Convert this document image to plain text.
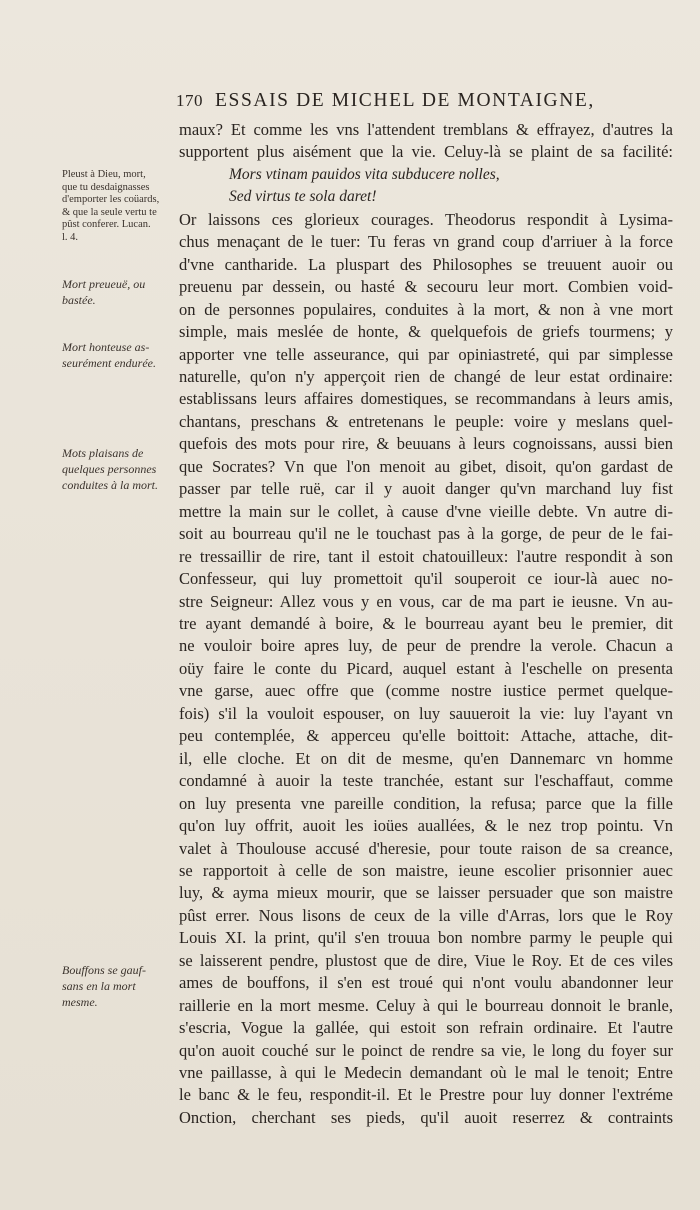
170 ESSAIS DE MICHEL DE MONTAIGNE,
Pleust à Dieu, mort,
que tu desdaignasses
d'emporter les coüards,
& que la seule vertu te
pûst conferer. Lucan.
l. 4.
Mort preueuë, ou
bastée.
Mort honteuse as-
seurément endurée.
Mots plaisans de
quelques personnes
conduites à la mort.
Bouffons se gauf-
sans en la mort
mesme.
maux? Et comme les vns l'attendent tremblans & effrayez, d'autres la
supportent plus aisément que la vie. Celuy-là se plaint de sa facilité:
Mors vtinam pauidos vita subducere nolles,
Sed virtus te sola daret!
Or laissons ces glorieux courages. Theodorus respondit à Lysima-
chus menaçant de le tuer: Tu feras vn grand coup d'arriuer à la force
d'vne cantharide. La pluspart des Philosophes se treuuent auoir ou
preuenu par dessein, ou hasté & secouru leur mort. Combien void-
on de personnes populaires, conduites à la mort, & non à vne mort
simple, mais meslée de honte, & quelquefois de griefs tourmens; y
apporter vne telle asseurance, qui par opiniastreté, qui par simplesse
naturelle, qu'on n'y apperçoit rien de changé de leur estat ordinaire:
establissans leurs affaires domestiques, se recommandans à leurs amis,
chantans, preschans & entretenans le peuple: voire y meslans quel-
quefois des mots pour rire, & beuuans à leurs cognoissans, aussi bien
que Socrates? Vn que l'on menoit au gibet, disoit, qu'on gardast de
passer par telle ruë, car il y auoit danger qu'vn marchand luy fist
mettre la main sur le collet, à cause d'vne vieille debte. Vn autre di-
soit au bourreau qu'il ne le touchast pas à la gorge, de peur de le fai-
re tressaillir de rire, tant il estoit chatouilleux: l'autre respondit à son
Confesseur, qui luy promettoit qu'il souperoit ce iour-là auec no-
stre Seigneur: Allez vous y en vous, car de ma part ie ieusne. Vn au-
tre ayant demandé à boire, & le bourreau ayant beu le premier, dit
ne vouloir boire apres luy, de peur de prendre la verole. Chacun a
oüy faire le conte du Picard, auquel estant à l'eschelle on presenta
vne garse, auec offre que (comme nostre iustice permet quelque-
fois) s'il la vouloit espouser, on luy sauueroit la vie: luy l'ayant vn
peu contemplée, & apperceu qu'elle boittoit: Attache, attache, dit-
il, elle cloche. Et on dit de mesme, qu'en Dannemarc vn homme
condamné à auoir la teste tranchée, estant sur l'eschaffaut, comme
on luy presenta vne pareille condition, la refusa; parce que la fille
qu'on luy offrit, auoit les ioües auallées, & le nez trop pointu. Vn
valet à Thoulouse accusé d'heresie, pour toute raison de sa creance,
se rapportoit à celle de son maistre, ieune escolier prisonnier auec
luy, & ayma mieux mourir, que se laisser persuader que son maistre
pûst errer. Nous lisons de ceux de la ville d'Arras, lors que le Roy
Louis XI. la print, qu'il s'en trouua bon nombre parmy le peuple qui
se laisserent pendre, plustost que de dire, Viue le Roy. Et de ces viles
ames de bouffons, il s'en est troué qui n'ont voulu abandonner leur
raillerie en la mort mesme. Celuy à qui le bourreau donnoit le branle,
s'escria, Vogue la gallée, qui estoit son refrain ordinaire. Et l'autre
qu'on auoit couché sur le poinct de rendre sa vie, le long du foyer sur
vne paillasse, à qui le Medecin demandant où le mal le tenoit; Entre
le banc & le feu, respondit-il. Et le Prestre pour luy donner l'extréme
Onction, cherchant ses pieds, qu'il auoit reserrez & contraints
